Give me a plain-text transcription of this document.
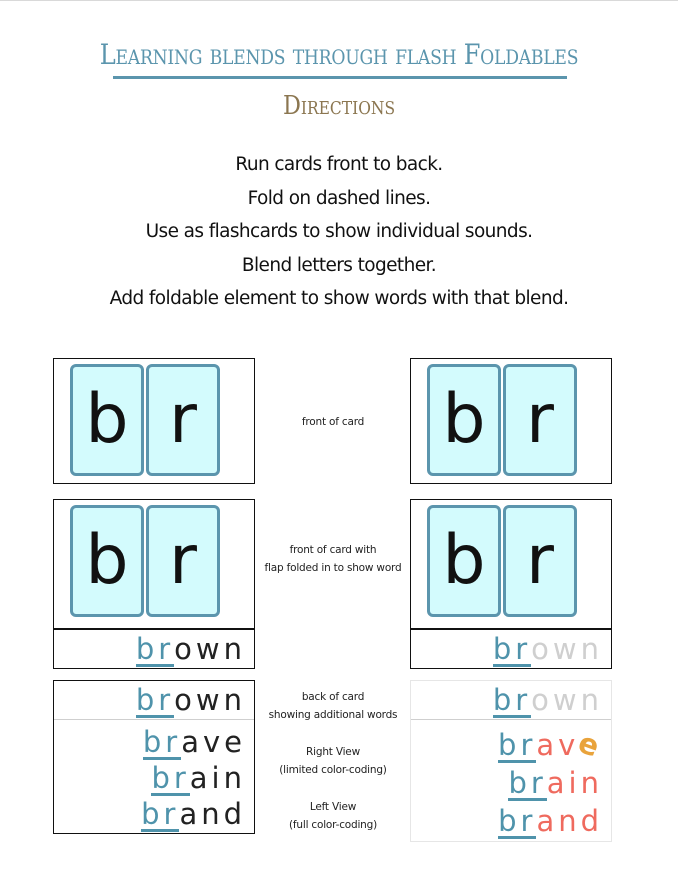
Learning blends through flash Foldables
Directions
Run cards front to back.
Fold on dashed lines.
Use as flashcards to show individual sounds.
Blend letters together.
Add foldable element to show words with that blend.
b r	front of card	b r
b r
brown
front of card with
flap folded in to show word b r
brown
brown
brave
brain
brand
back of card
showing additional words
Right View
(limited color-coding)
Left View
(full color-coding)
brown
brave
brain
brand
